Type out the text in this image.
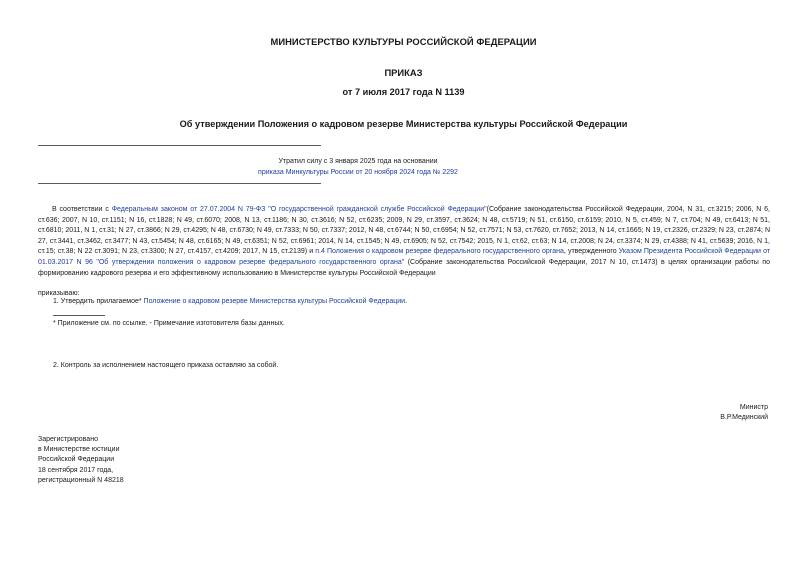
МИНИСТЕРСТВО КУЛЬТУРЫ РОССИЙСКОЙ ФЕДЕРАЦИИ
ПРИКАЗ
от 7 июля 2017 года N 1139
Об утверждении Положения о кадровом резерве Министерства культуры Российской Федерации
Утратил силу с 3 января 2025 года на основании
приказа Минкультуры России от 20 ноября 2024 года № 2292
В соответствии с Федеральным законом от 27.07.2004 N 79-ФЗ "О государственной гражданской службе Российской Федерации"(Собрание законодательства Российской Федерации, 2004, N 31, ст.3215; 2006, N 6, ст.636; 2007, N 10, ст.1151; N 16, ст.1828; N 49, ст.6070; 2008, N 13, ст.1186; N 30, ст.3616; N 52, ст.6235; 2009, N 29, ст.3597, ст.3624; N 48, ст.5719; N 51, ст.6150, ст.6159; 2010, N 5, ст.459; N 7, ст.704; N 49, ст.6413; N 51, ст.6810; 2011, N 1, ст.31; N 27, ст.3866; N 29, ст.4295; N 48, ст.6730; N 49, ст.7333; N 50, ст.7337; 2012, N 48, ст.6744; N 50, ст.6954; N 52, ст.7571; N 53, ст.7620, ст.7652; 2013, N 14, ст.1665; N 19, ст.2326, ст.2329; N 23, ст.2874; N 27, ст.3441, ст.3462, ст.3477; N 43, ст.5454; N 48, ст.6165; N 49, ст.6351; N 52, ст.6961; 2014, N 14, ст.1545; N 49, ст.6905; N 52, ст.7542; 2015, N 1, ст.62, ст.63; N 14, ст.2008; N 24, ст.3374; N 29, ст.4388; N 41, ст.5639; 2016, N 1, ст.15; ст.38; N 22 ст.3091; N 23, ст.3300; N 27, ст.4157, ст.4209; 2017, N 15, ст.2139) и п.4 Положения о кадровом резерве федерального государственного органа, утвержденного Указом Президента Российской Федерации от 01.03.2017 N 96 "Об утверждении положения о кадровом резерве федерального государственного органа" (Собрание законодательства Российской Федерации, 2017 N 10, ст.1473) в целях организации работы по формированию кадрового резерва и его эффективному использованию в Министерстве культуры Российской Федерации
приказываю:
1. Утвердить прилагаемое* Положение о кадровом резерве Министерства культуры Российской Федерации.
* Приложение см. по ссылке. - Примечание изготовителя базы данных.
2. Контроль за исполнением настоящего приказа оставляю за собой.
Министр
В.Р.Мединский
Зарегистрировано
в Министерстве юстиции
Российской Федерации
18 сентября 2017 года,
регистрационный N 48218
